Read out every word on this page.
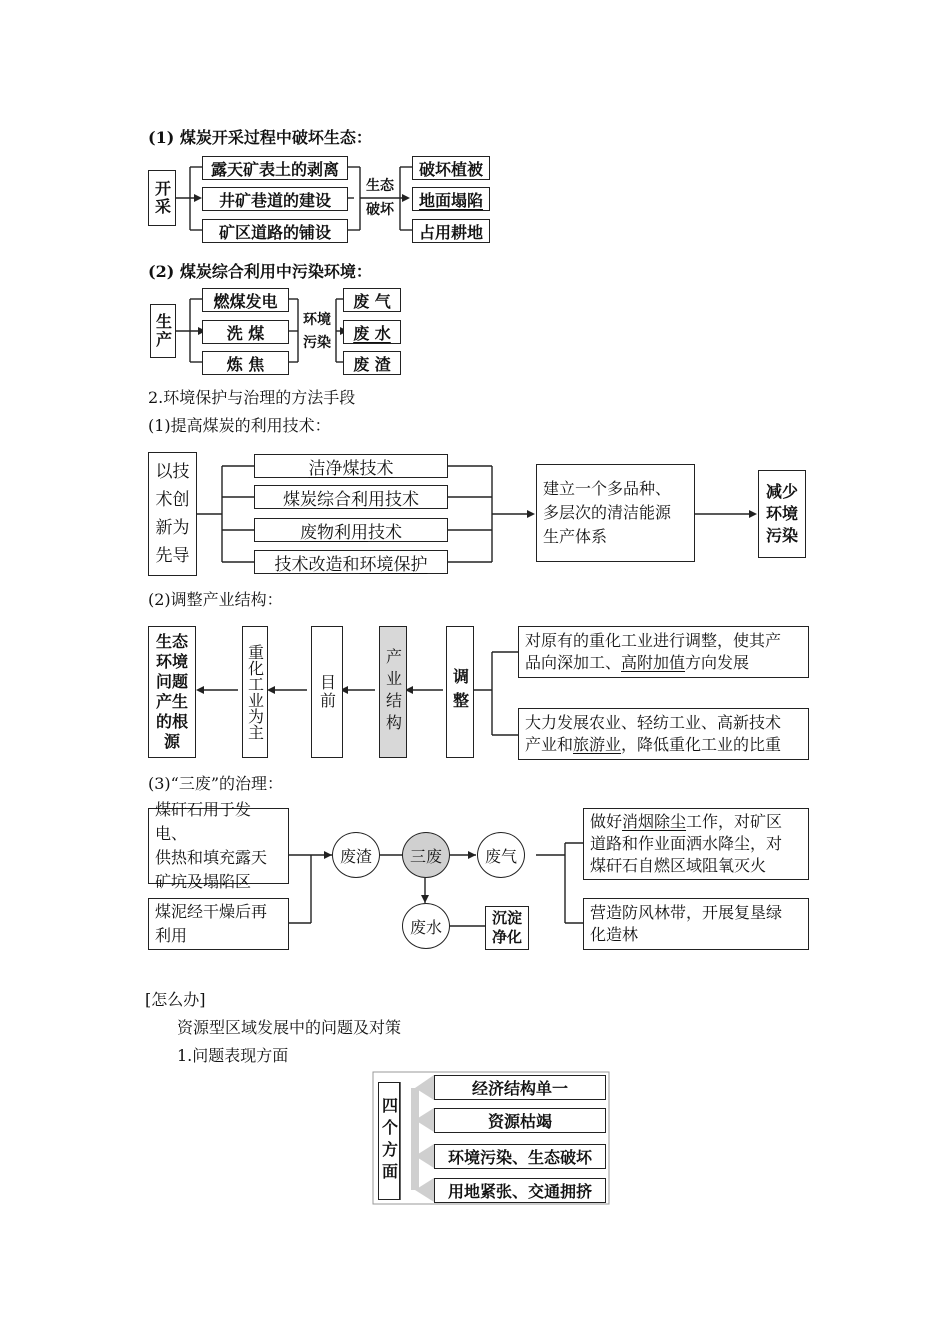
(1) 煤炭开采过程中破坏生态：
开采
露天矿表土的剥离
井矿巷道的建设
矿区道路的铺设
生态
破坏
破坏植被
地面塌陷
占用耕地
(2) 煤炭综合利用中污染环境：
生产
燃煤发电
洗 煤
炼 焦
环境
污染
废 气
废 水
废 渣
2.环境保护与治理的方法手段
(1)提高煤炭的利用技术：
以技
术创
新为
先导
洁净煤技术
煤炭 综合利用 技术
废物利用 技术
技术改造和 环境保护
建立一个多品种、
多层次的清洁能源
生产体系
减少
环境
污染
(2)调整产业结构：
生态
环境
问题
产生
的根
源
重化工业为主	目前	产业结构	调整
对原有的重化工业进行调整，使其产
品向深加工、高附加值方向发展
大力发展农业、轻纺工业、高新技术
产业和旅游业，降低重化工业的比重
(3)“三废”的治理：
煤矸石用于发电、
供热和填充露天
矿坑及塌陷区
煤泥经干燥后再
利用
废渣	三废	废气
废水	沉淀
净化
做好消烟除尘工作，对矿区
道路和作业面洒水降尘，对
煤矸石自燃区域阻氧灭火
营造防风林带，开展复垦绿
化造林
[怎么办]
资源型区域发展中的问题及对策
1.问题表现方面
四个方面
经济结构单一
资源枯竭
环境污染、生态破坏
用地紧张、交通拥挤
